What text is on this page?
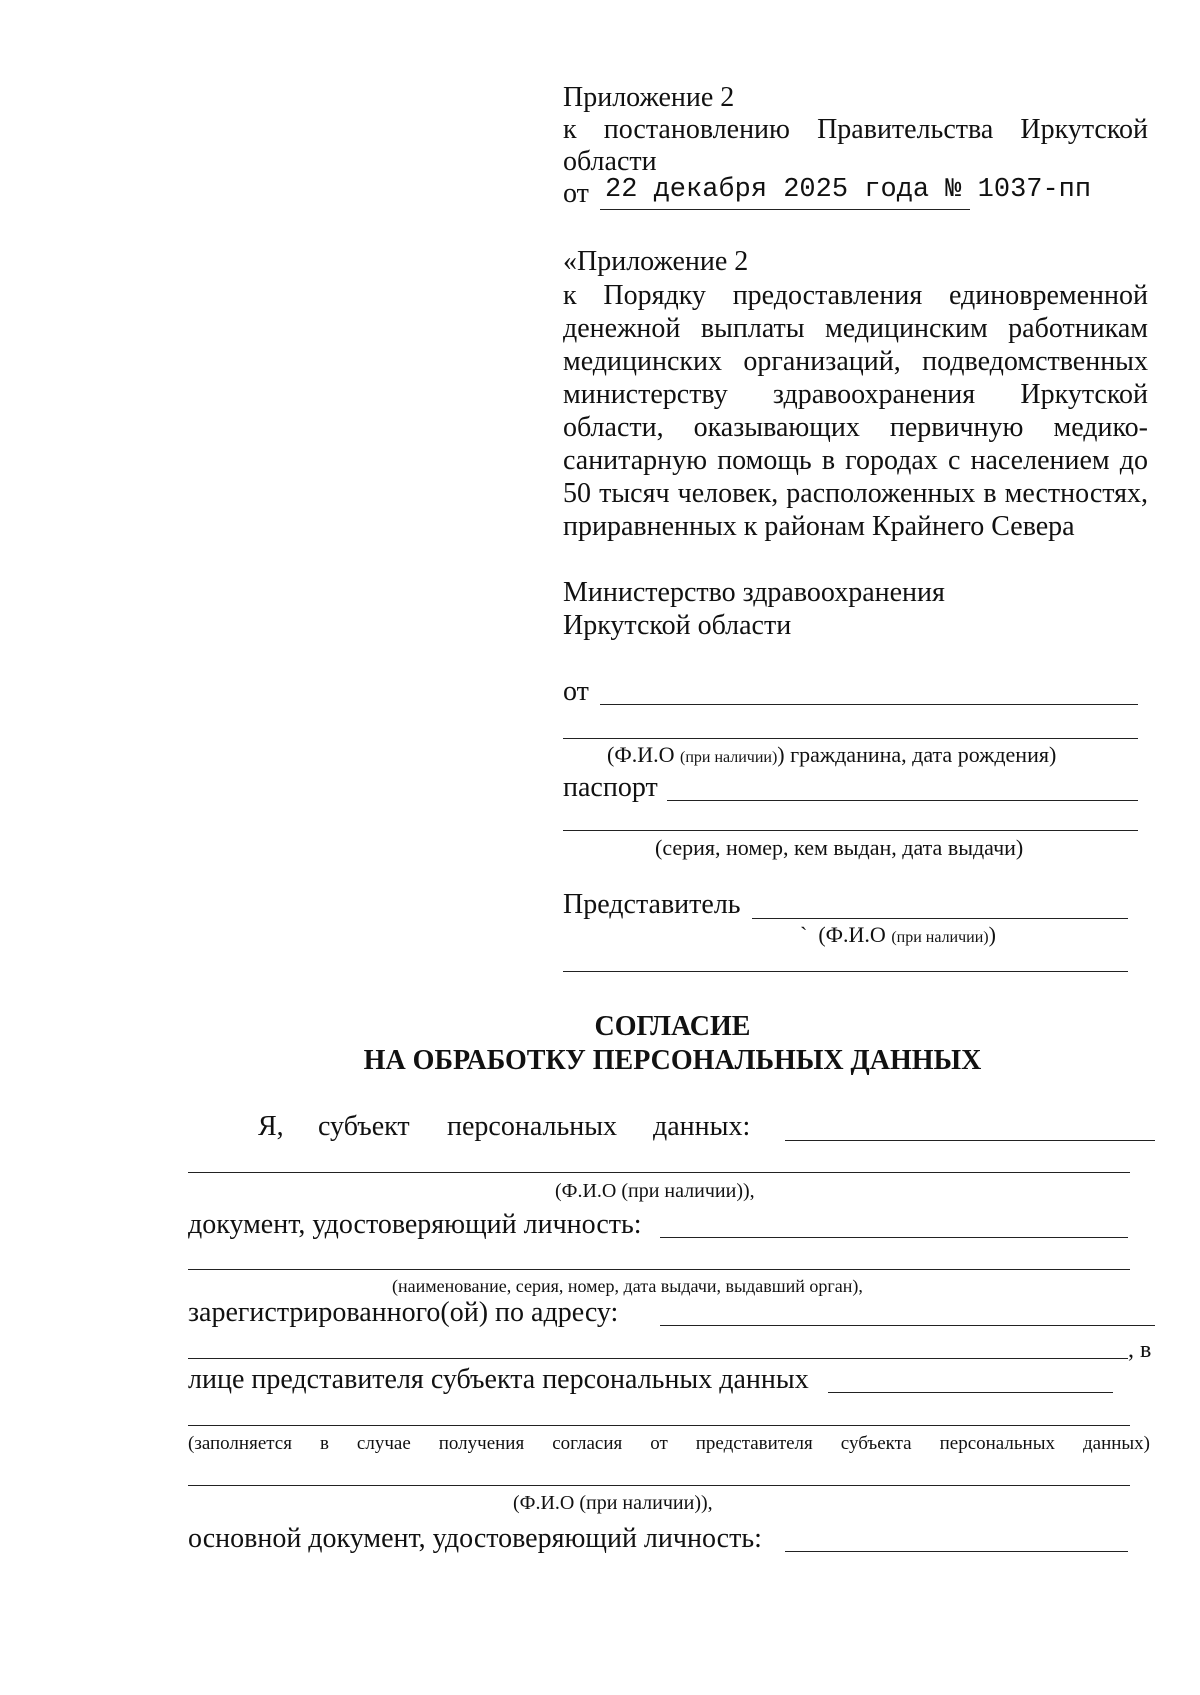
Приложение 2
к постановлению Правительства Иркутской
области
от 22 декабря 2025 года № 1037-пп
«Приложение 2
к Порядку предоставления единовременной
денежной выплаты медицинским работникам
медицинских организаций, подведомственных
министерству здравоохранения Иркутской
области, оказывающих первичную медико-
санитарную помощь в городах с населением до
50 тысяч человек, расположенных в местностях,
приравненных к районам Крайнего Севера
Министерство здравоохранения
Иркутской области
от
(Ф.И.О (при наличии)) гражданина, дата рождения)
паспорт
(серия, номер, кем выдан, дата выдачи)
Представитель
` (Ф.И.О (при наличии))
СОГЛАСИЕ
НА ОБРАБОТКУ ПЕРСОНАЛЬНЫХ ДАННЫХ
Я, субъект персональных данных:
(Ф.И.О (при наличии)),
документ, удостоверяющий личность:
(наименование, серия, номер, дата выдачи, выдавший орган),
зарегистрированного(ой) по адресу:
, в
лице представителя субъекта персональных данных
(заполняется в случае получения согласия от представителя субъекта персональных данных)
(Ф.И.О (при наличии)),
основной документ, удостоверяющий личность:
